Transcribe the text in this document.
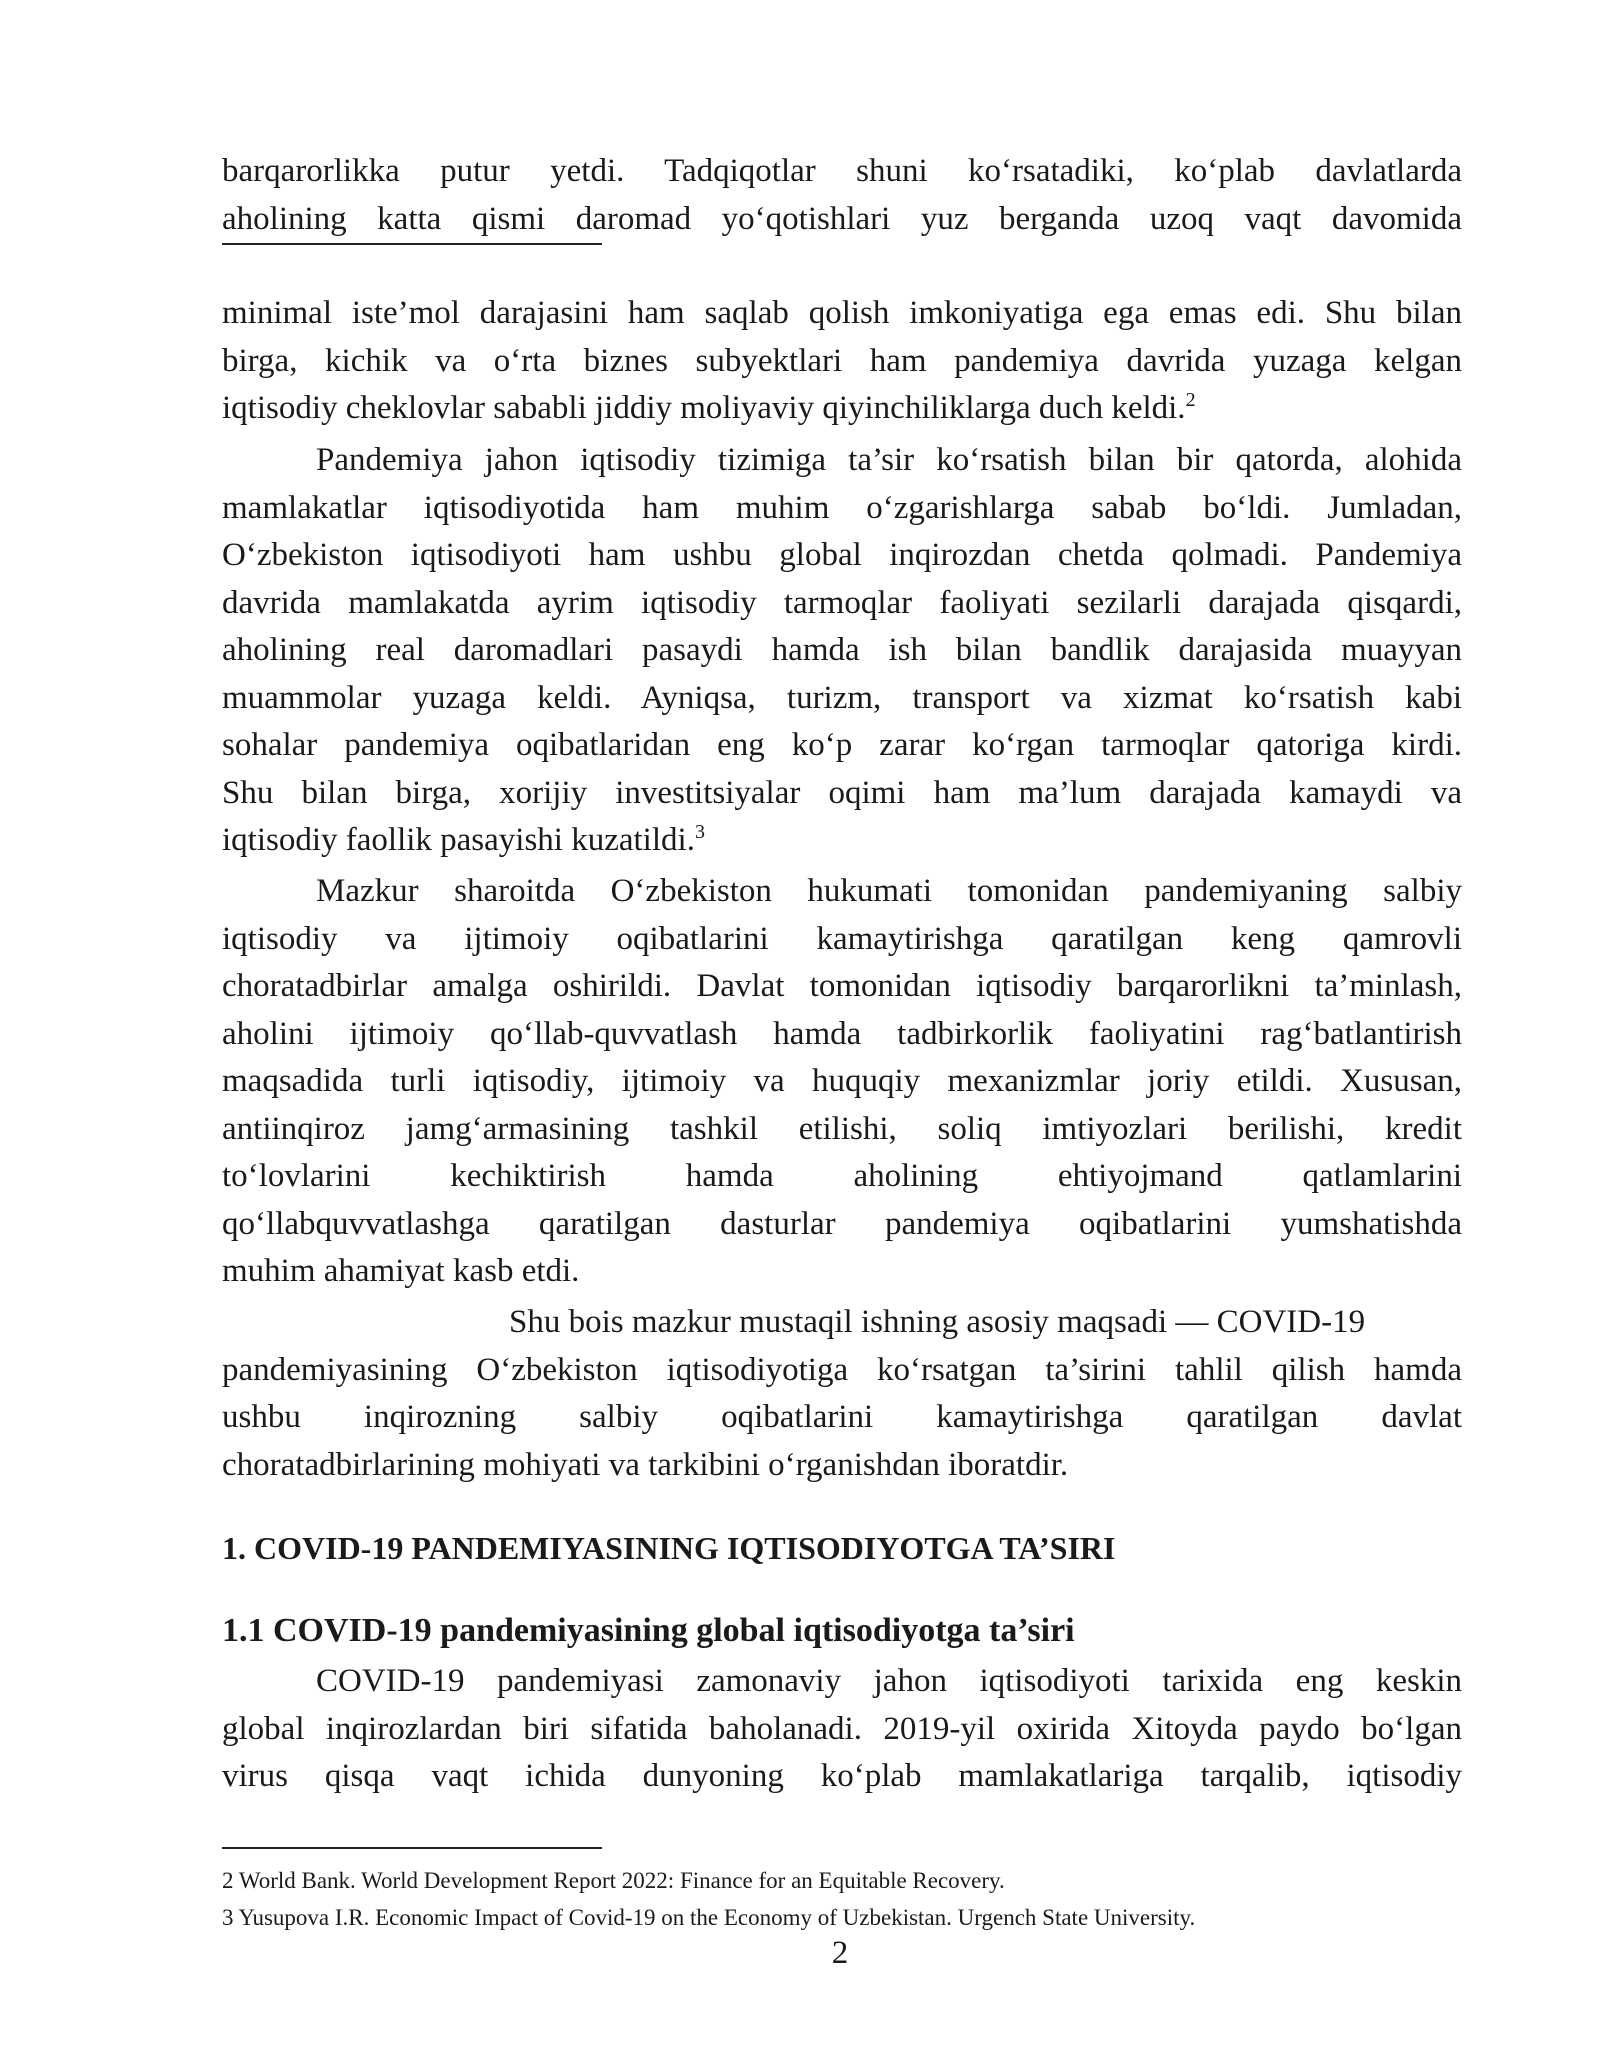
barqarorlikka putur yetdi. Tadqiqotlar shuni ko‘rsatadiki, ko‘plab davlatlarda
aholining katta qismi daromad yo‘qotishlari yuz berganda uzoq vaqt davomida

minimal iste’mol darajasini ham saqlab qolish imkoniyatiga ega emas edi. Shu bilan
birga, kichik va o‘rta biznes subyektlari ham pandemiya davrida yuzaga kelgan
iqtisodiy cheklovlar sababli jiddiy moliyaviy qiyinchiliklarga duch keldi.$^2$

Pandemiya jahon iqtisodiy tizimiga ta’sir ko‘rsatish bilan bir qatorda, alohida
mamlakatlar iqtisodiyotida ham muhim o‘zgarishlarga sabab bo‘ldi. Jumladan,
O‘zbekiston iqtisodiyoti ham ushbu global inqirozdan chetda qolmadi. Pandemiya
davrida mamlakatda ayrim iqtisodiy tarmoqlar faoliyati sezilarli darajada qisqardi,
aholining real daromadlari pasaydi hamda ish bilan bandlik darajasida muayyan
muammolar yuzaga keldi. Ayniqsa, turizm, transport va xizmat ko‘rsatish kabi
sohalar pandemiya oqibatlaridan eng ko‘p zarar ko‘rgan tarmoqlar qatoriga kirdi.
Shu bilan birga, xorijiy investitsiyalar oqimi ham ma’lum darajada kamaydi va
iqtisodiy faollik pasayishi kuzatildi.$^3$

Mazkur sharoitda O‘zbekiston hukumati tomonidan pandemiyaning salbiy
iqtisodiy va ijtimoiy oqibatlarini kamaytirishga qaratilgan keng qamrovli
choratadbirlar amalga oshirildi. Davlat tomonidan iqtisodiy barqarorlikni ta’minlash,
aholini ijtimoiy qo‘llab-quvvatlash hamda tadbirkorlik faoliyatini rag‘batlantirish
maqsadida turli iqtisodiy, ijtimoiy va huquqiy mexanizmlar joriy etildi. Xususan,
antiinqiroz jamg‘armasining tashkil etilishi, soliq imtiyozlari berilishi, kredit
to‘lovlarini kechiktirish hamda aholining ehtiyojmand qatlamlarini
qo‘llabquvvatlashga qaratilgan dasturlar pandemiya oqibatlarini yumshatishda
muhim ahamiyat kasb etdi.

Shu bois mazkur mustaqil ishning asosiy maqsadi — COVID-19
pandemiyasining O‘zbekiston iqtisodiyotiga ko‘rsatgan ta’sirini tahlil qilish hamda
ushbu inqirozning salbiy oqibatlarini kamaytirishga qaratilgan davlat
choratadbirlarining mohiyati va tarkibini o‘rganishdan iboratdir.

1. COVID-19 PANDEMIYASINING IQTISODIYOTGA TA’SIRI
1.1 COVID-19 pandemiyasining global iqtisodiyotga ta’siri

COVID-19 pandemiyasi zamonaviy jahon iqtisodiyoti tarixida eng keskin
global inqirozlardan biri sifatida baholanadi. 2019-yil oxirida Xitoyda paydo bo‘lgan
virus qisqa vaqt ichida dunyoning ko‘plab mamlakatlariga tarqalib, iqtisodiy

2 World Bank. World Development Report 2022: Finance for an Equitable Recovery.

3 Yusupova I.R. Economic Impact of Covid-19 on the Economy of Uzbekistan. Urgench State University.

2
